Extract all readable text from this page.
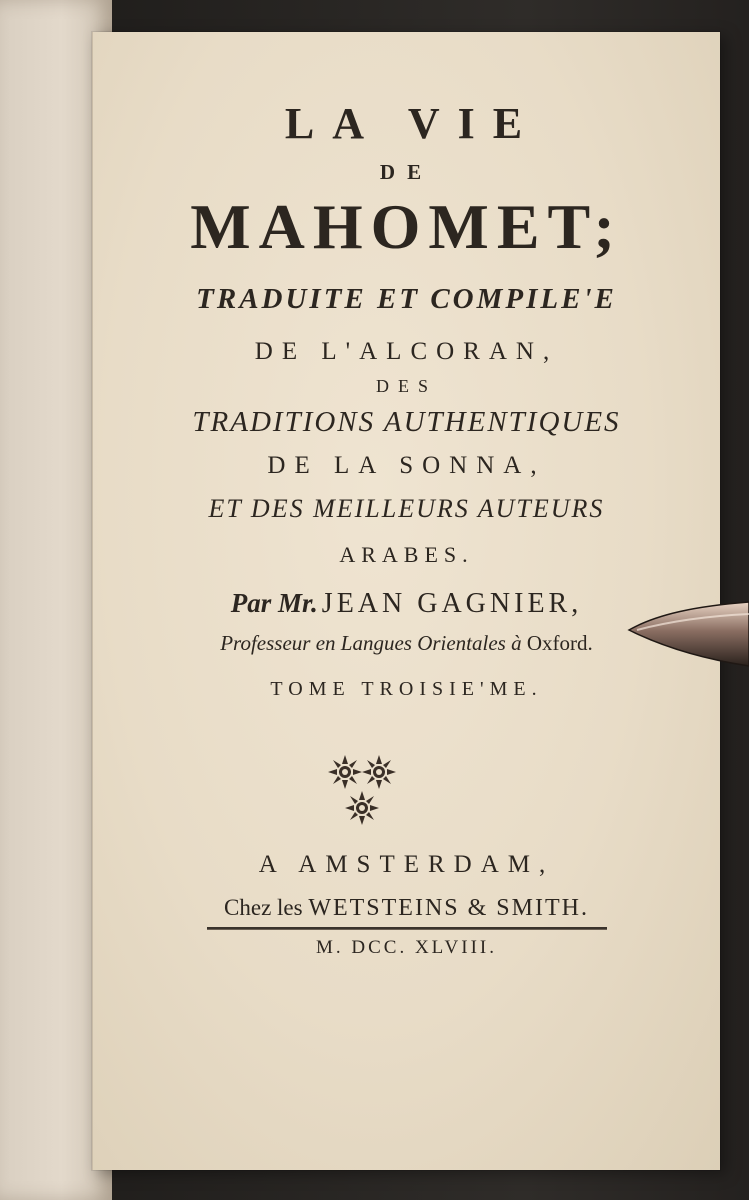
​
LA VIE
DE
MAHOMET;
TRADUITE ET COMPILE'E
DE L'ALCORAN,
DES
TRADITIONS AUTHENTIQUES
DE LA SONNA,
ET DES MEILLEURS AUTEURS
ARABES.
Par Mr. JEAN GAGNIER,
Professeur en Langues Orientales à Oxford.
TOME TROISIE'ME.
A AMSTERDAM,
Chez les WETSTEINS & SMITH.
M. DCC. XLVIII.
